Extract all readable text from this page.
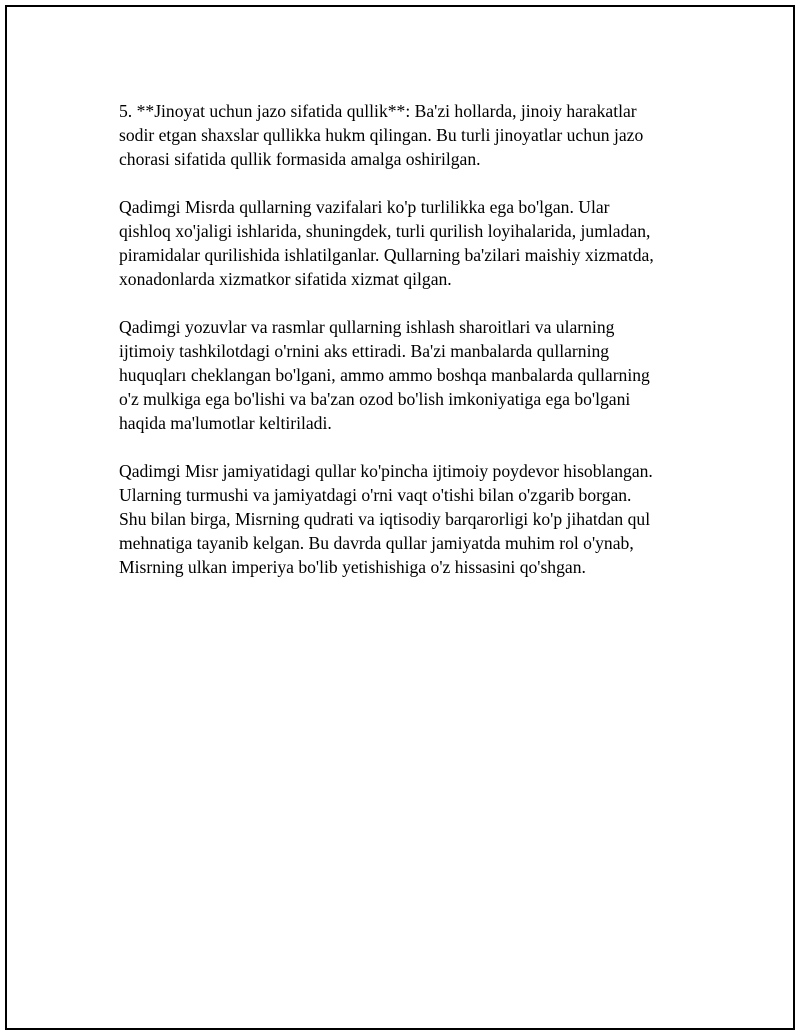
5. **Jinoyat uchun jazo sifatida qullik**: Ba'zi hollarda, jinoiy harakatlar
sodir etgan shaxslar qullikka hukm qilingan. Bu turli jinoyatlar uchun jazo
chorasi sifatida qullik formasida amalga oshirilgan.

Qadimgi Misrda qullarning vazifalari ko'p turlilikka ega bo'lgan. Ular
qishloq xo'jaligi ishlarida, shuningdek, turli qurilish loyihalarida, jumladan,
piramidalar qurilishida ishlatilganlar. Qullarning ba'zilari maishiy xizmatda,
xonadonlarda xizmatkor sifatida xizmat qilgan.

Qadimgi yozuvlar va rasmlar qullarning ishlash sharoitlari va ularning
ijtimoiy tashkilotdagi o'rnini aks ettiradi. Ba'zi manbalarda qullarning
huquqları cheklangan bo'lgani, ammo ammo boshqa manbalarda qullarning
o'z mulkiga ega bo'lishi va ba'zan ozod bo'lish imkoniyatiga ega bo'lgani
haqida ma'lumotlar keltiriladi.

Qadimgi Misr jamiyatidagi qullar ko'pincha ijtimoiy poydevor hisoblangan.
Ularning turmushi va jamiyatdagi o'rni vaqt o'tishi bilan o'zgarib borgan.
Shu bilan birga, Misrning qudrati va iqtisodiy barqarorligi ko'p jihatdan qul
mehnatiga tayanib kelgan. Bu davrda qullar jamiyatda muhim rol o'ynab,
Misrning ulkan imperiya bo'lib yetishishiga o'z hissasini qo'shgan.
